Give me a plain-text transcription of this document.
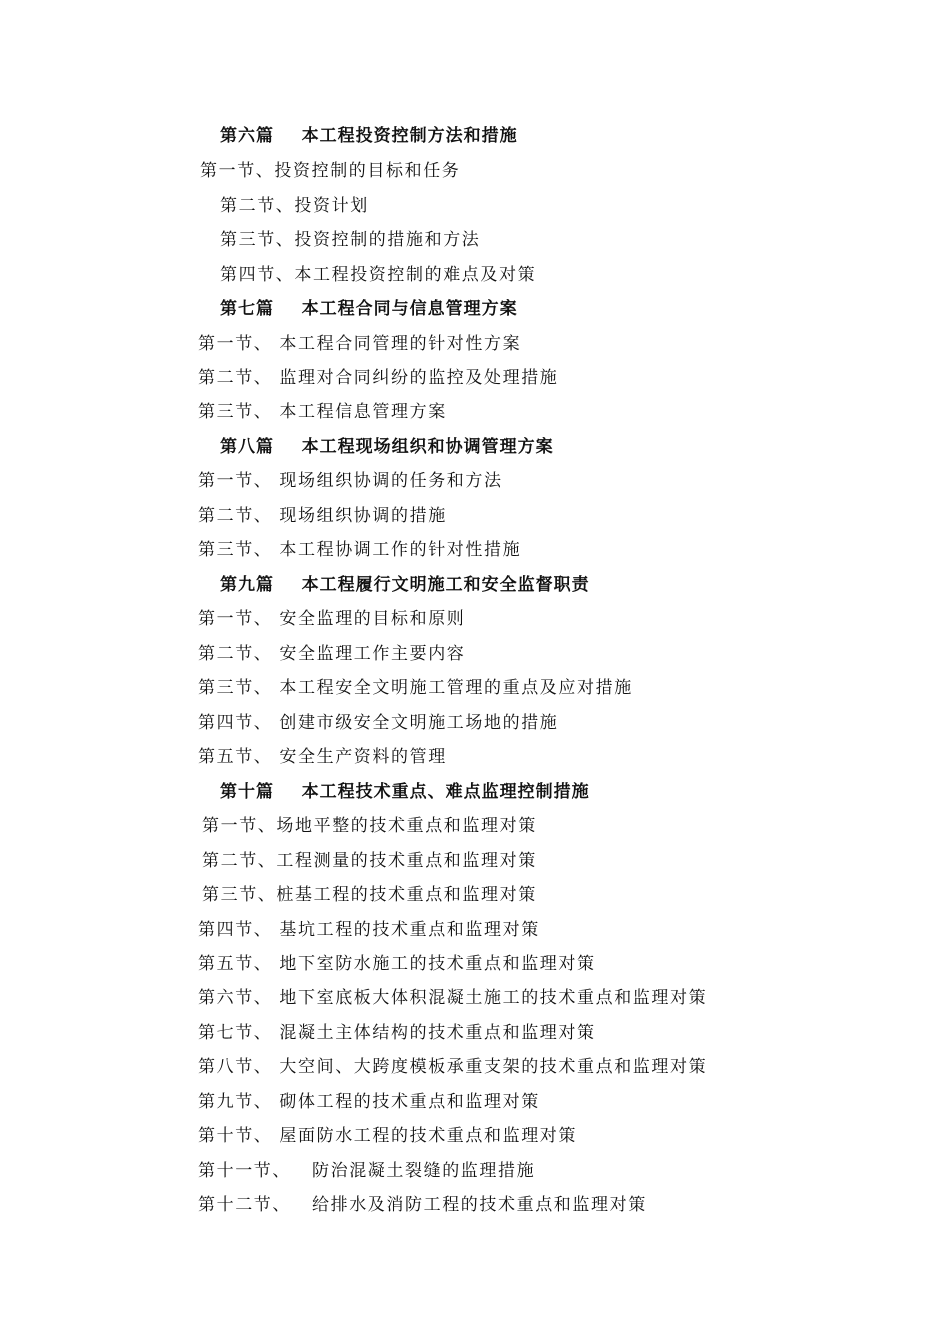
第六篇    本工程投资控制方法和措施
第一节、投资控制的目标和任务
第二节、投资计划
第三节、投资控制的措施和方法
第四节、本工程投资控制的难点及对策
第七篇    本工程合同与信息管理方案
第一节、 本工程合同管理的针对性方案
第二节、 监理对合同纠纷的监控及处理措施
第三节、 本工程信息管理方案
第八篇    本工程现场组织和协调管理方案
第一节、 现场组织协调的任务和方法
第二节、 现场组织协调的措施
第三节、 本工程协调工作的针对性措施
第九篇    本工程履行文明施工和安全监督职责
第一节、 安全监理的目标和原则
第二节、 安全监理工作主要内容
第三节、 本工程安全文明施工管理的重点及应对措施
第四节、 创建市级安全文明施工场地的措施
第五节、 安全生产资料的管理
第十篇    本工程技术重点、难点监理控制措施
第一节、场地平整的技术重点和监理对策
第二节、工程测量的技术重点和监理对策
第三节、桩基工程的技术重点和监理对策
第四节、 基坑工程的技术重点和监理对策
第五节、 地下室防水施工的技术重点和监理对策
第六节、 地下室底板大体积混凝土施工的技术重点和监理对策
第七节、 混凝土主体结构的技术重点和监理对策
第八节、 大空间、大跨度模板承重支架的技术重点和监理对策
第九节、 砌体工程的技术重点和监理对策
第十节、 屋面防水工程的技术重点和监理对策
第十一节、   防治混凝土裂缝的监理措施
第十二节、   给排水及消防工程的技术重点和监理对策
